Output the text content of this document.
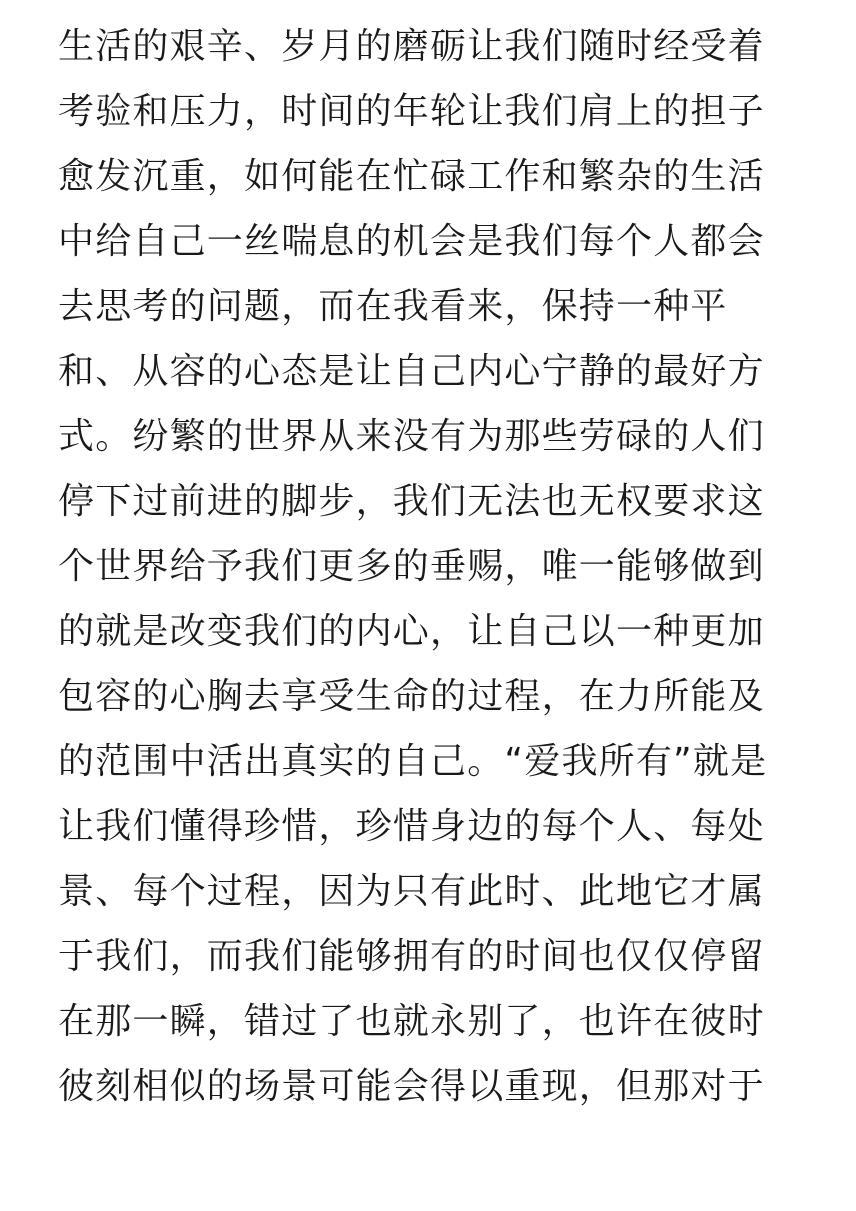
生活的艰辛、岁月的磨砺让我们随时经受着
考验和压力，时间的年轮让我们肩上的担子
愈发沉重，如何能在忙碌工作和繁杂的生活
中给自己一丝喘息的机会是我们每个人都会
去思考的问题，而在我看来，保持一种平
和、从容的心态是让自己内心宁静的最好方
式。纷繁的世界从来没有为那些劳碌的人们
停下过前进的脚步，我们无法也无权要求这
个世界给予我们更多的垂赐，唯一能够做到
的就是改变我们的内心，让自己以一种更加
包容的心胸去享受生命的过程，在力所能及
的范围中活出真实的自己。“爱我所有”就是
让我们懂得珍惜，珍惜身边的每个人、每处
景、每个过程，因为只有此时、此地它才属
于我们，而我们能够拥有的时间也仅仅停留
在那一瞬，错过了也就永别了，也许在彼时
彼刻相似的场景可能会得以重现，但那对于
